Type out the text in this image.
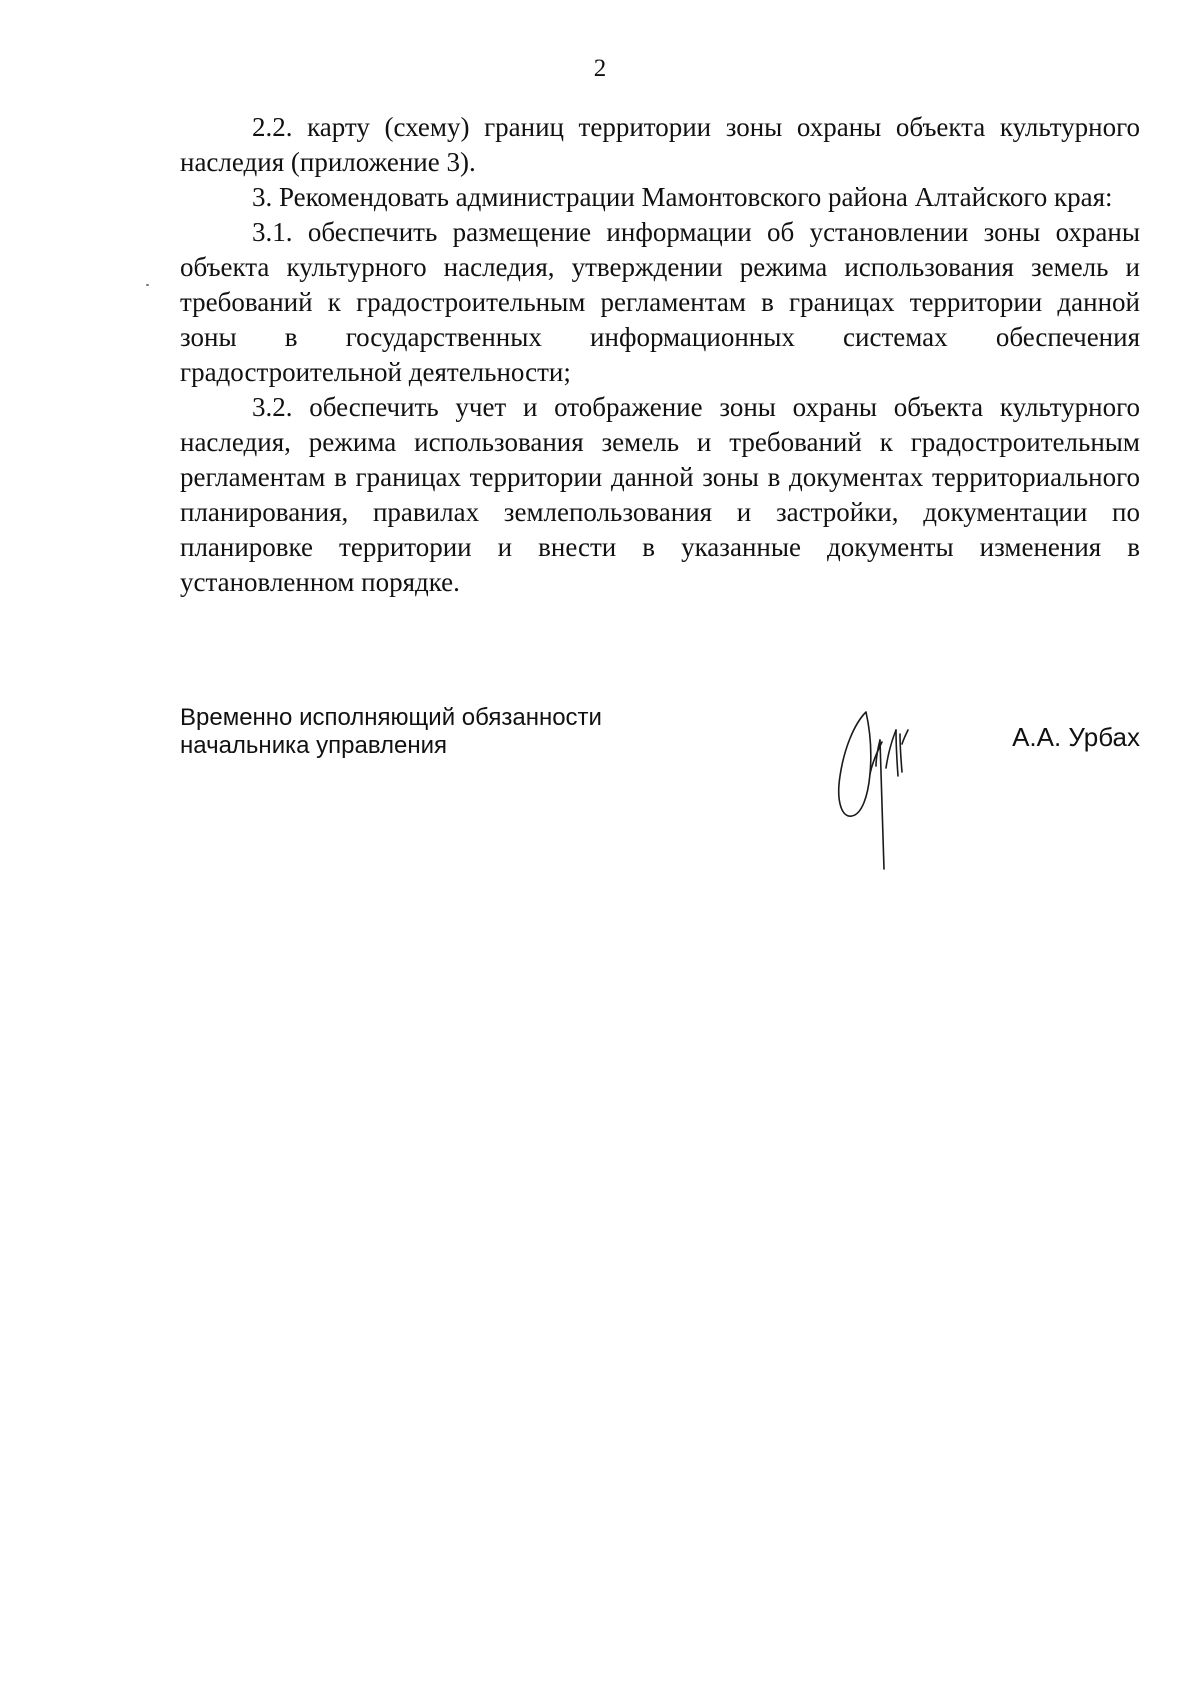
2

2.2. карту (схему) границ территории зоны охраны объекта культурного наследия (приложение 3).

3. Рекомендовать администрации Мамонтовского района Алтайского края:

3.1. обеспечить размещение информации об установлении зоны охраны объекта культурного наследия, утверждении режима использования земель и требований к градостроительным регламентам в границах территории данной зоны в государственных информационных системах обеспечения градостроительной деятельности;

3.2. обеспечить учет и отображение зоны охраны объекта культурного наследия, режима использования земель и требований к градостроительным регламентам в границах территории данной зоны в документах территориального планирования, правилах землепользования и застройки, документации по планировке территории и внести в указанные документы изменения в установленном порядке.

Временно исполняющий обязанности
начальника управления	А.А. Урбах
